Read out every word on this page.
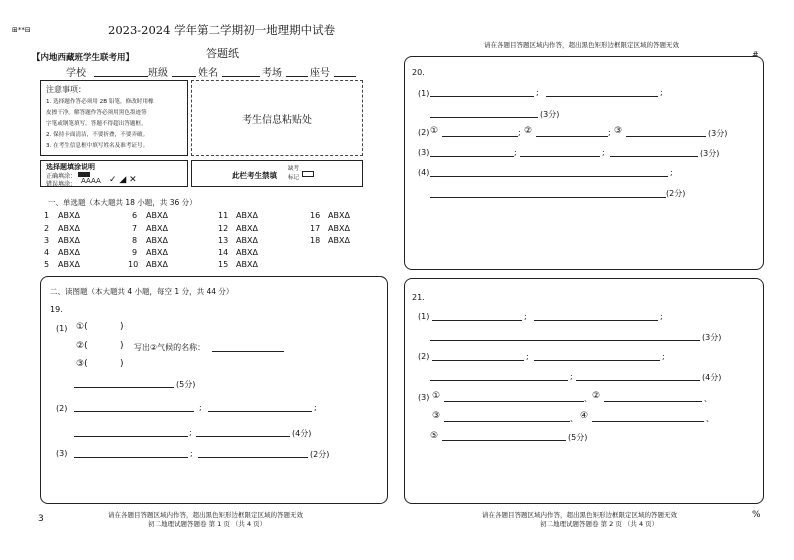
⊞**⊟	2023-2024 学年第二学期初一地理期中试卷
答题纸
【内地西藏班学生联考用】
学校	班级	姓名	考场	座号
注意事项：
1. 选择题作答必须用 2B 铅笔，修改时用橡
皮擦干净。解答题作答必须用黑色墨迹签
字笔或钢笔填写，答题不得超出答题框。
2. 保持卡面清洁，不要折叠，不要弄破。
3. 在考生信息框中填写姓名及准考证号。
考生信息粘贴处
选择题填涂说明
正确填涂：
错误填涂： AAAA ✓ ◢ ✕	此栏考生禁填
缺考
标记
一、单选题（本大题共 18 小题，共 36 分）
1 ABXΔ
2 ABXΔ
3 ABXΔ
4 ABXΔ
5 ABXΔ
6 ABXΔ
7 ABXΔ
8 ABXΔ
9 ABXΔ
10 ABXΔ
11 ABXΔ
12 ABXΔ
13 ABXΔ
14 ABXΔ
15 ABXΔ
16 ABXΔ
17 ABXΔ
18 ABXΔ
二、读图题（本大题共 4 小题，每空 1 分，共 44 分）
19.
(1) ①(	)
②(	) 写出②气候的名称：
③(	)
(5分)
(2)	;	;
;	(4分)
(3)	;	(2分)
请在各题目答题区域内作答，超出黑色矩形边框限定区域的答题无效
初二地理试题答题卷 第 1 页 （共 4 页）
3
请在各题目答题区域内作答，超出黑色矩形边框限定区域的答题无效
#
20.
(1)	;	;
(3分)
(2) ①	; ②	; ③	(3分)
(3)	;	;	(3分)
(4)	;
(2分)
21.
(1)	;	;
(3分)
(2)	;	;
;	(4分)
(3) ①	、 ②	、
③	、 ④	、
⑤	(5分)
请在各题目答题区域内作答，超出黑色矩形边框限定区域的答题无效
初二地理试题答题卷 第 2 页 （共 4 页）
%
